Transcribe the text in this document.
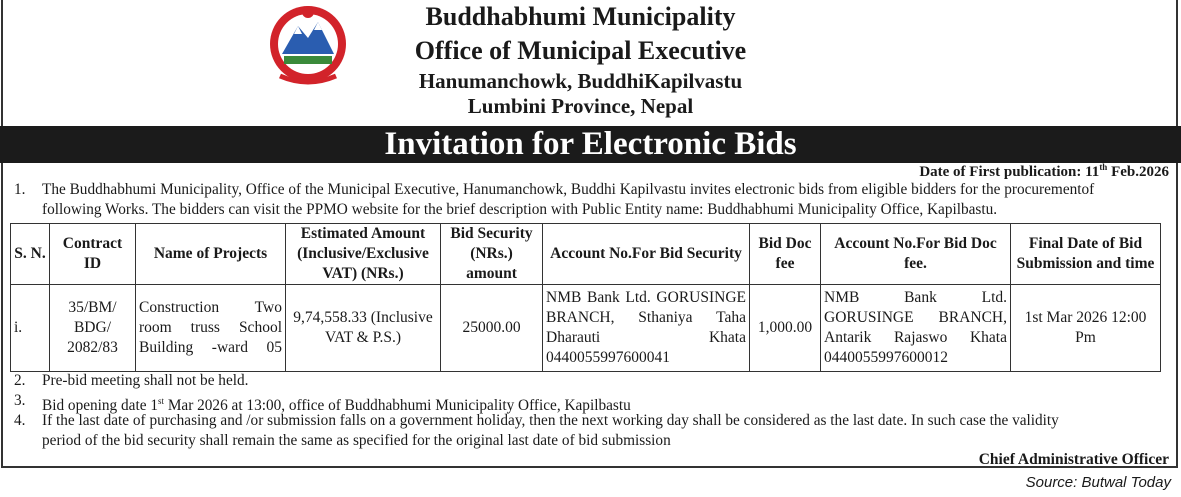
Buddhabhumi Municipality
Office of Municipal Executive
Hanumanchowk, BuddhiKapilvastu
Lumbini Province, Nepal
Invitation for Electronic Bids
Date of First publication: 11th Feb.2026
1. The Buddhabhumi Municipality, Office of the Municipal Executive, Hanumanchowk, Buddhi Kapilvastu invites electronic bids from eligible bidders for the procurementof
following Works. The bidders can visit the PPMO website for the brief description with Public Entity name: Buddhabhumi Municipality Office, Kapilbastu.
S. N.	Contract ID	Name of Projects	Estimated Amount (Inclusive/Exclusive VAT) (NRs.)	Bid Security (NRs.) amount	Account No.For Bid Security	Bid Doc fee	Account No.For Bid Doc fee.	Final Date of Bid Submission and time
i.	35/BM/ BDG/ 2082/83	Construction Two room truss School Building -ward 05	9,74,558.33 (Inclusive VAT & P.S.)	25000.00	NMB Bank Ltd. GORUSINGE BRANCH, Sthaniya Taha Dharauti Khata 0440055997600041	1,000.00	NMB Bank Ltd. GORUSINGE BRANCH, Antarik Rajaswo Khata 0440055997600012	1st Mar 2026 12:00 Pm
2. Pre-bid meeting shall not be held.
3. Bid opening date 1st Mar 2026 at 13:00, office of Buddhabhumi Municipality Office, Kapilbastu
4. If the last date of purchasing and /or submission falls on a government holiday, then the next working day shall be considered as the last date. In such case the validity
period of the bid security shall remain the same as specified for the original last date of bid submission
Chief Administrative Officer
Source: Butwal Today
